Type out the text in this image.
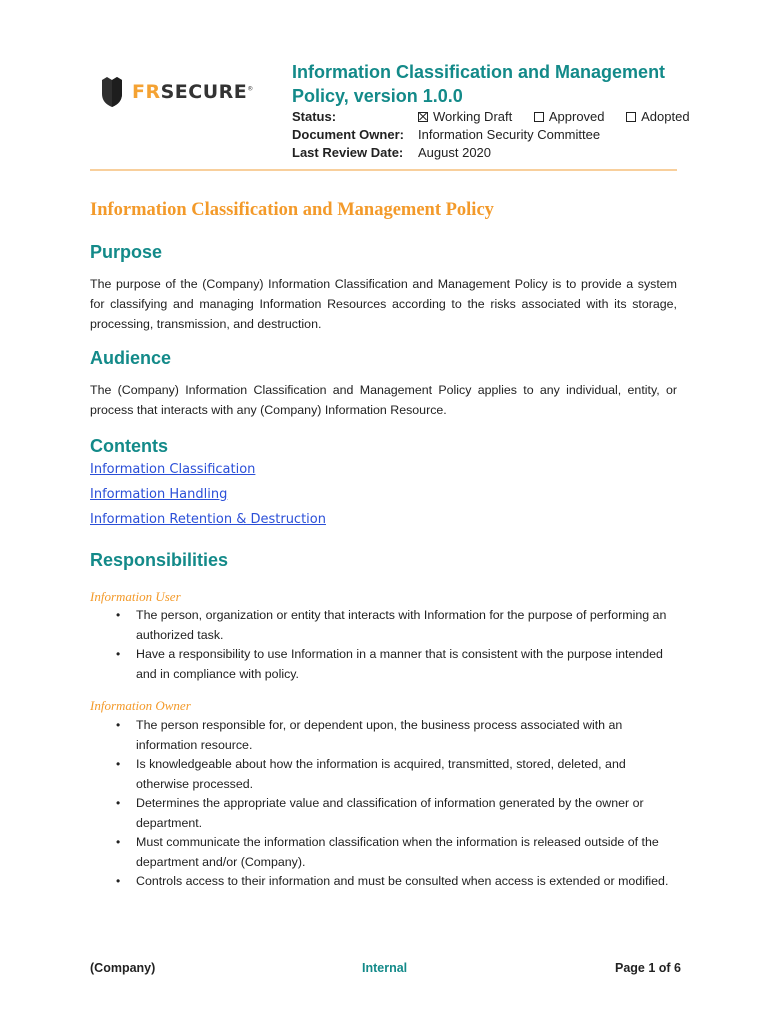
FRSECURE®
Information Classification and Management Policy, version 1.0.0
Status:	Working Draft
	Approved
	Adopted
Document Owner:	Information Security Committee
Last Review Date:	August 2020
Information Classification and Management Policy
Purpose
The purpose of the (Company) Information Classification and Management Policy is to provide a system for classifying and managing Information Resources according to the risks associated with its storage, processing, transmission, and destruction.
Audience
The (Company) Information Classification and Management Policy applies to any individual, entity, or process that interacts with any (Company) Information Resource.
Contents
Information Classification
Information Handling
Information Retention & Destruction
Responsibilities
Information User
• The person, organization or entity that interacts with Information for the purpose of performing an authorized task.
• Have a responsibility to use Information in a manner that is consistent with the purpose intended and in compliance with policy.
Information Owner
• The person responsible for, or dependent upon, the business process associated with an information resource.
• Is knowledgeable about how the information is acquired, transmitted, stored, deleted, and otherwise processed.
• Determines the appropriate value and classification of information generated by the owner or department.
• Must communicate the information classification when the information is released outside of the department and/or (Company).
• Controls access to their information and must be consulted when access is extended or modified.
(Company)	Internal	Page 1 of 6
